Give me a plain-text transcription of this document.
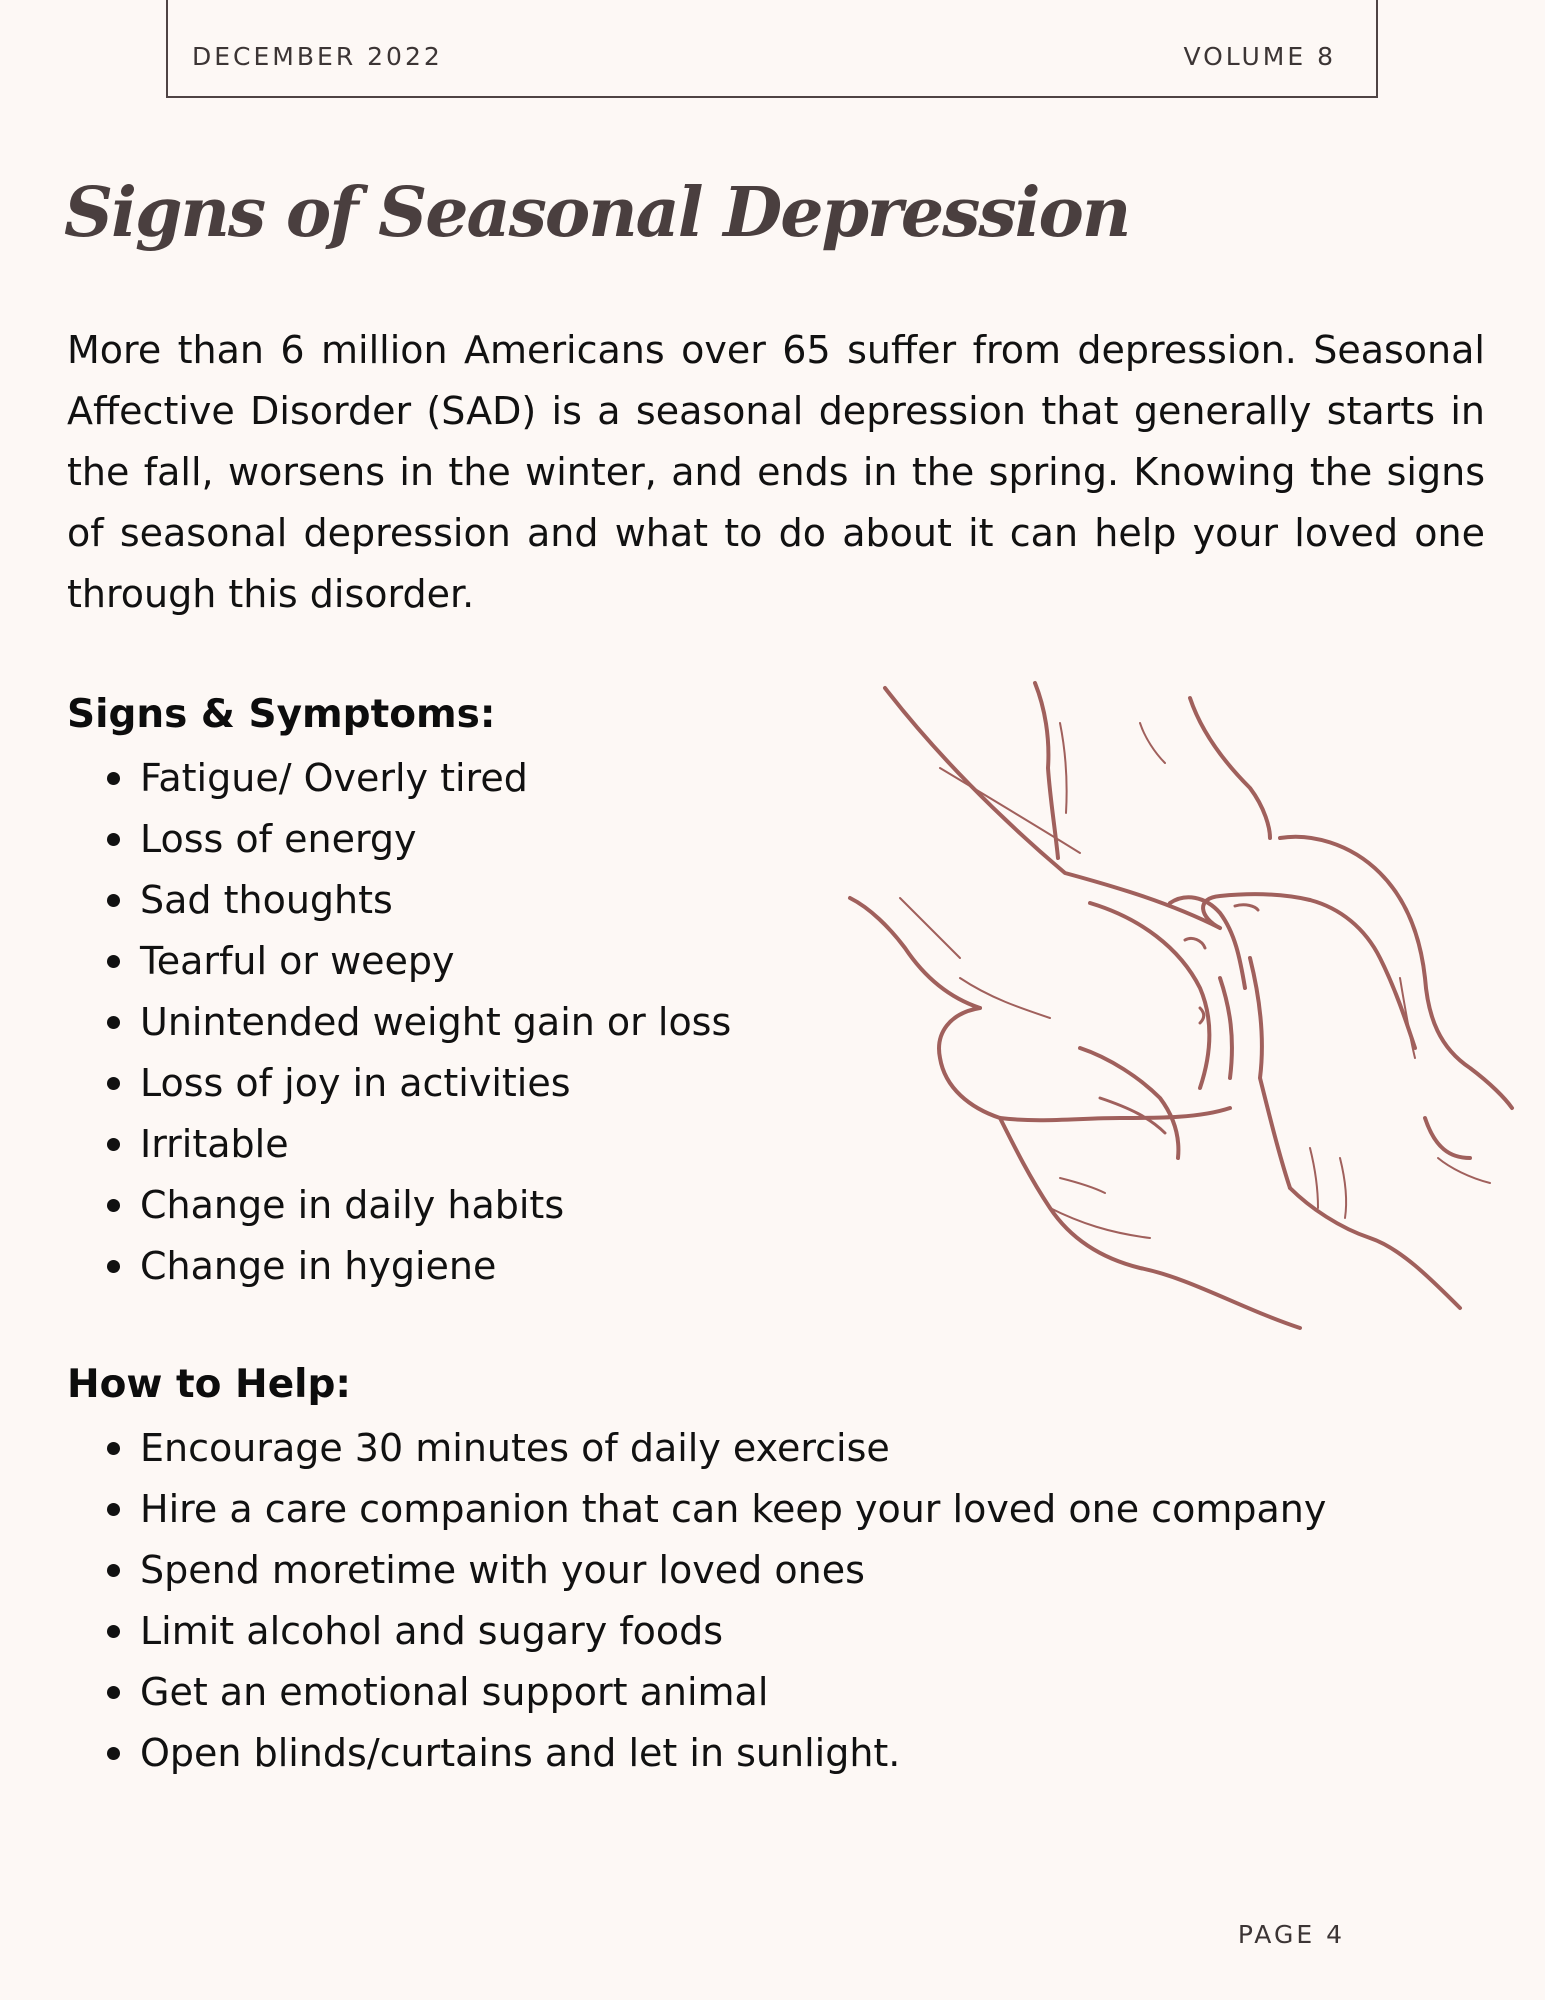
DECEMBER 2022	VOLUME 8
Signs of Seasonal Depression

More than 6 million Americans over 65 suffer from depression. Seasonal Affective Disorder (SAD) is a seasonal depression that generally starts in the fall, worsens in the winter, and ends in the spring. Knowing the signs of seasonal depression and what to do about it can help your loved one through this disorder.

Signs & Symptoms:
Fatigue/ Overly tired
Loss of energy
Sad thoughts
Tearful or weepy
Unintended weight gain or loss
Loss of joy in activities
Irritable
Change in daily habits
Change in hygiene
How to Help:
Encourage 30 minutes of daily exercise
Hire a care companion that can keep your loved one company
Spend moretime with your loved ones
Limit alcohol and sugary foods
Get an emotional support animal
Open blinds/curtains and let in sunlight.
PAGE 4
